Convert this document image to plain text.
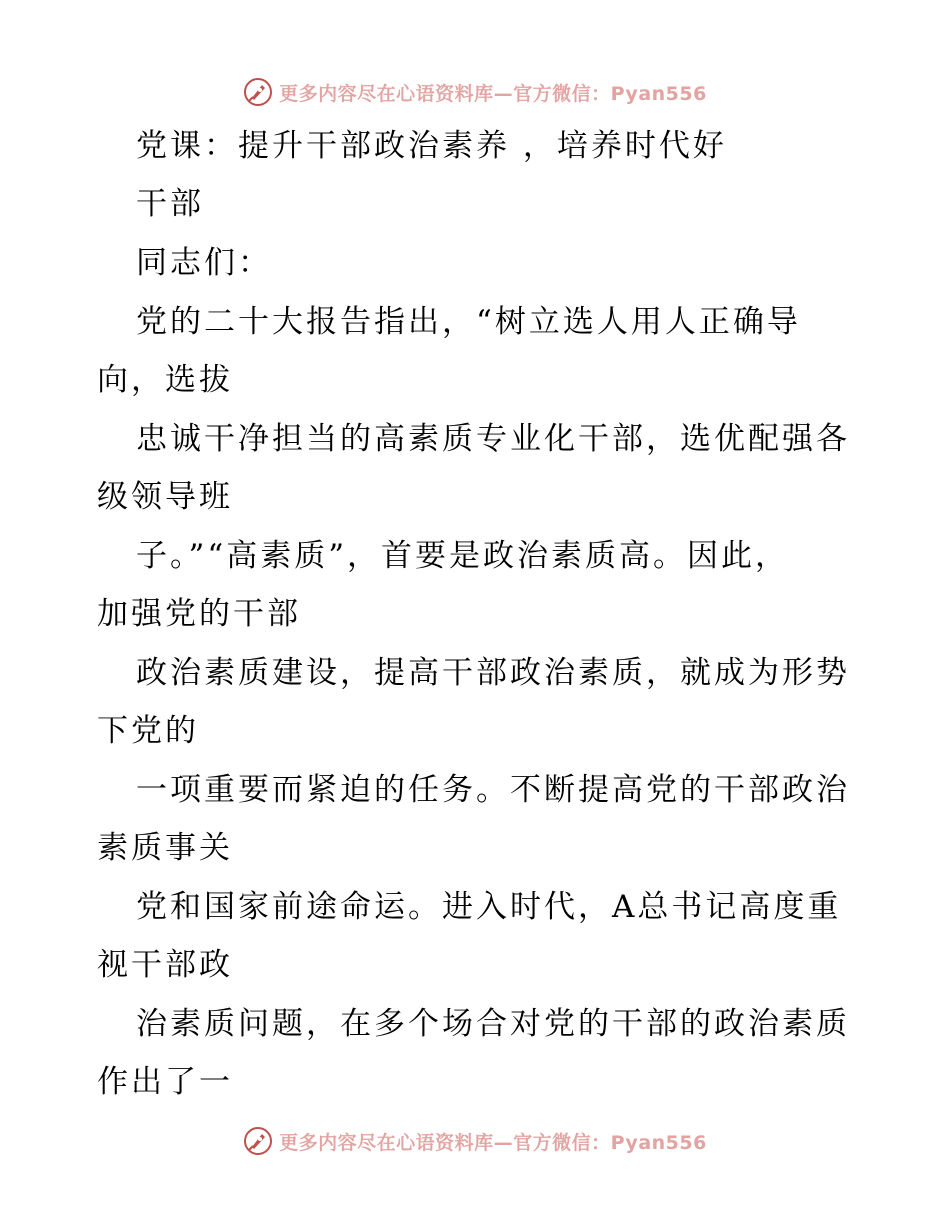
更多内容尽在心语资料库—官方微信：Pyan556
党课：提升干部政治素养 ，培养时代好
干部
同志们：
党的二十大报告指出，“树立选人用人正确导
向，选拔
忠诚干净担当的高素质专业化干部，选优配强各
级领导班
子。”“高素质”，首要是政治素质高。因此，
加强党的干部
政治素质建设，提高干部政治素质，就成为形势
下党的
一项重要而紧迫的任务。不断提高党的干部政治
素质事关
党和国家前途命运。进入时代，A总书记高度重
视干部政
治素质问题，在多个场合对党的干部的政治素质
作出了一
更多内容尽在心语资料库—官方微信：Pyan556
